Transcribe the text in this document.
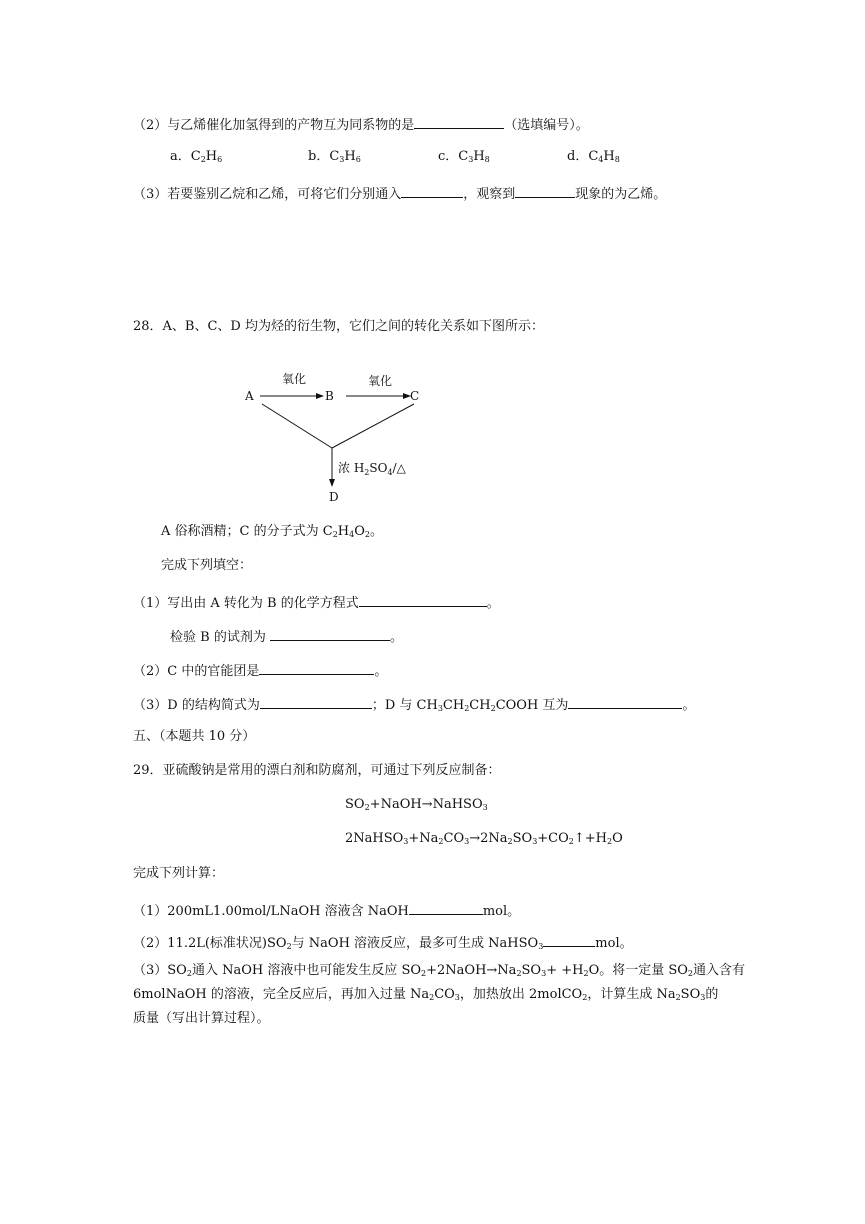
（2）与乙烯催化加氢得到的产物互为同系物的是	（选填编号）。
a．$C_2H_6$	b．$C_3H_6$	c．$C_3H_8$	d．$C_4H_8$
（3）若要鉴别乙烷和乙烯，可将它们分别通入	，观察到	现象的为乙烯。
28．A、B、C、D 均为烃的衍生物，它们之间的转化关系如下图所示：
A	B	C
D
氧化	氧化
浓 $H_2SO_4/\triangle$
A 俗称酒精；C 的分子式为 $C_2H_4O_2$。
完成下列填空：
（1）写出由 A 转化为 B 的化学方程式	。
检验 B 的试剂为	。
（2）C 中的官能团是	。
（3）D 的结构简式为	；D 与 $CH_3CH_2CH_2COOH$ 互为	。
五、（本题共 10 分）
29．亚硫酸钠是常用的漂白剂和防腐剂，可通过下列反应制备：
$SO_2+NaOH\to NaHSO_3$
$2NaHSO_3+Na_2CO_3\to 2Na_2SO_3+CO_2↑+H_2O$
完成下列计算：
（1）200mL1.00mol/LNaOH 溶液含 NaOH	mol。
（2）11.2L(标准状况)$SO_2$与 NaOH 溶液反应，最多可生成 NaHSO$_3$	mol。
$(3)SO_2$通入 NaOH 溶液中也可能发生反应 $SO_2+2NaOH\to Na_2SO_3+ +H_2O$。将一定量 $SO_2$通入含有
6molNaOH 的溶液，完全反应后，再加入过量 $Na_2CO_3$，加热放出 2molCO$_2$，计算生成 $Na_2SO_3$的
质量（写出计算过程）。
